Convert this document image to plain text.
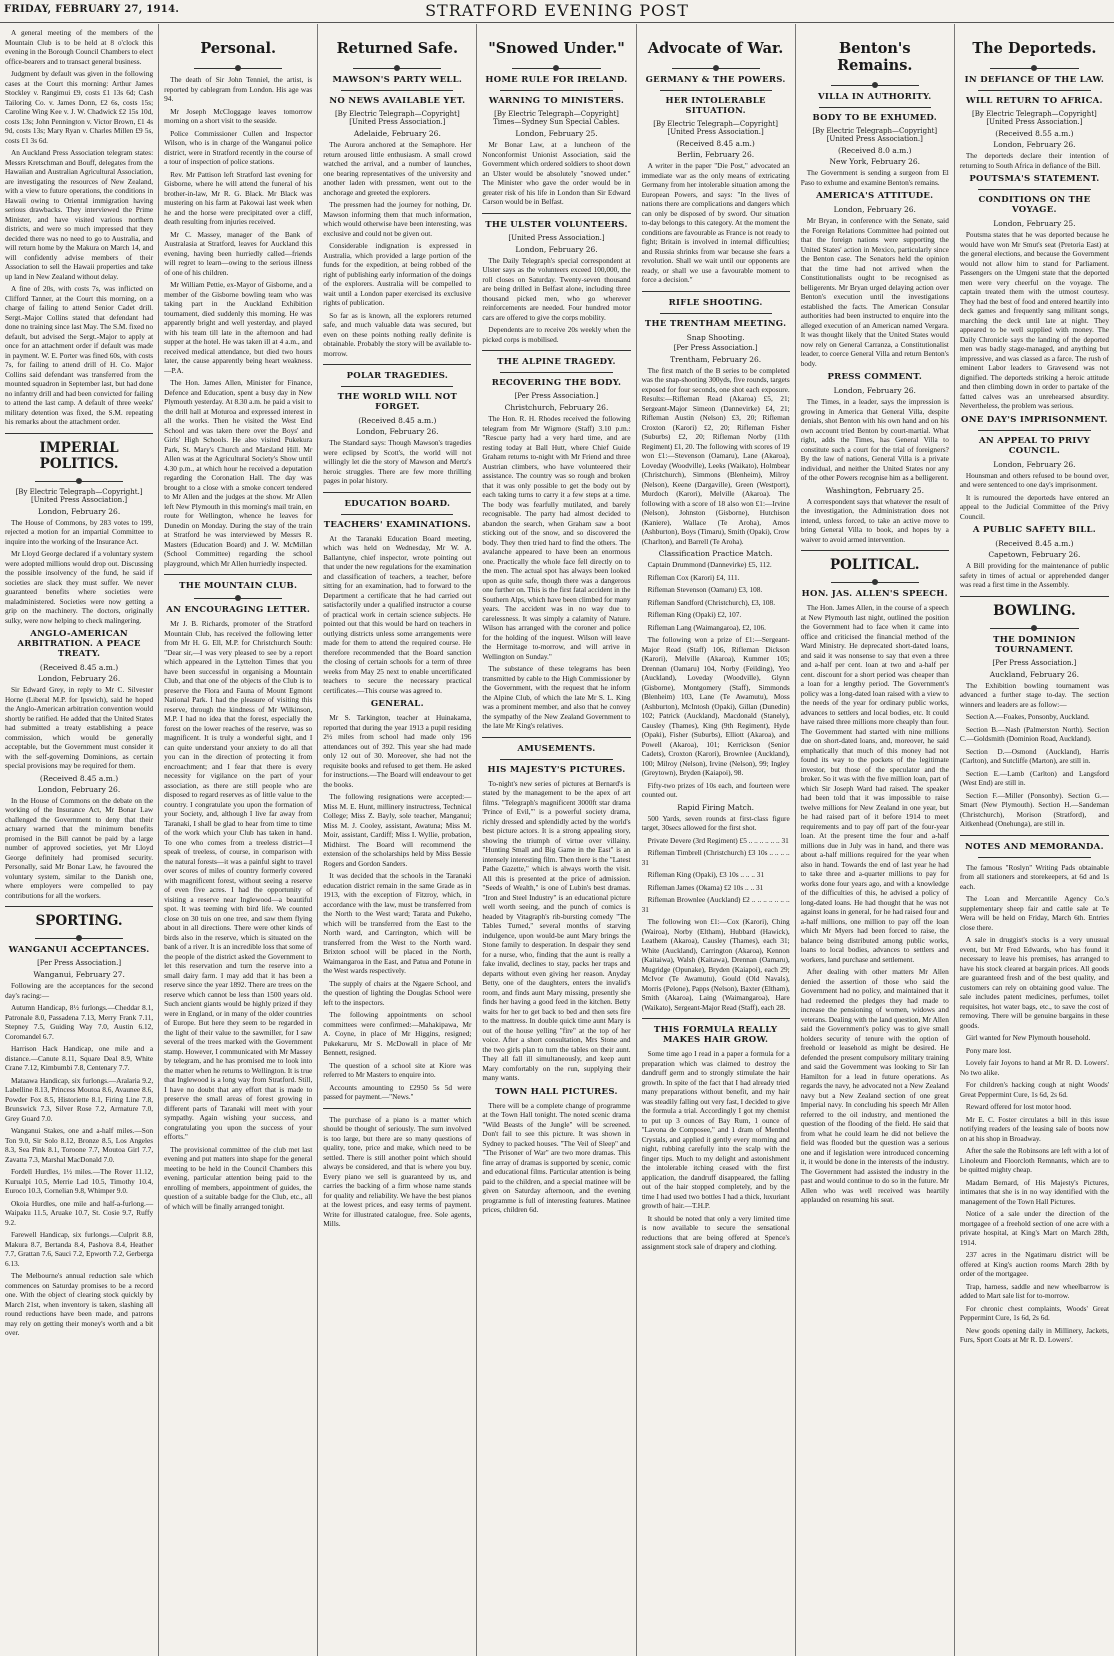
FRIDAY, FEBRUARY 27, 1914.	STRATFORD EVENING POST

A general meeting of the members of the Mountain Club is to be held at 8 o'clock this evening in the Borough Council Chambers to elect office-bearers and to transact general business.

Judgment by default was given in the following cases at the Court this morning: Arthur James Stockley v. Rangimui £9, costs £1 13s 6d; Cash Tailoring Co. v. James Donn, £2 6s, costs 15s; Caroline Wing Kee v. J. W. Chadwick £2 15s 10d, costs 13s; John Pennington v. Victor Brown, £1 4s 9d, costs 13s; Mary Ryan v. Charles Millen £9 5s, costs £1 3s 6d.

An Auckland Press Association telegram states: Messrs Kretschman and Bouff, delegates from the Hawaiian and Australian Agricultural Association, are investigating the resources of New Zealand, with a view to future operations, the conditions in Hawaii owing to Oriental immigration having serious drawbacks. They interviewed the Prime Minister, and have visited various northern districts, and were so much impressed that they decided there was no need to go to Australia, and will return home by the Makura on March 14, and will confidently advise members of their Association to sell the Hawaii properties and take up land in New Zealand without delay.

A fine of 20s, with costs 7s, was inflicted on Clifford Tanner, at the Court this morning, on a charge of failing to attend Senior Cadet drill. Sergt.-Major Collins stated that defendant had done no training since last May. The S.M. fixed no default, but advised the Sergt.-Major to apply at once for an attachment order if default was made in payment. W. E. Porter was fined 60s, with costs 7s, for failing to attend drill of H. Co. Major Collins said defendant was transferred from the mounted squadron in September last, but had done no infantry drill and had been convicted for failing to attend the last camp. A default of three weeks' military detention was fixed, the S.M. repeating his remarks about the attachment order.

IMPERIAL POLITICS.
[By Electric Telegraph—Copyright.] [United Press Association.]
London, February 26.

The House of Commons, by 283 votes to 199, rejected a motion for an impartial Committee to inquire into the working of the Insurance Act.

Mr Lloyd George declared if a voluntary system were adopted millions would drop out. Discussing the possible insolvency of the fund, he said if societies are slack they must suffer. We never guaranteed benefits where societies were maladministered. Societies were now getting a grip on the machinery. The doctors, originally sulky, were now helping to check malingering.

ANGLO-AMERICAN ARBITRATION. A PEACE TREATY.
(Received 8.45 a.m.)
London, February 26.

Sir Edward Grey, in reply to Mr C. Silvester Horne (Liberal M.P. for Ipswich), said he hoped the Anglo-American arbitration convention would shortly be ratified. He added that the United States had submitted a treaty establishing a peace commission, which would be generally acceptable, but the Government must consider it with the self-governing Dominions, as certain special provisions may be required for them.

(Received 8.45 a.m.)
London, February 26.

In the House of Commons on the debate on the working of the Insurance Act, Mr Bonar Law challenged the Government to deny that their actuary warned that the minimum benefits promised in the Bill cannot be paid by a large number of approved societies, yet Mr Lloyd George definitely had promised security. Personally, said Mr Bonar Law, he favoured the voluntary system, similar to the Danish one, where employers were compelled to pay contributions for all the workers.

SPORTING.
WANGANUI ACCEPTANCES.
[Per Press Association.]
Wanganui, February 27.

Following are the acceptances for the second day's racing:—

Autumn Handicap, 8½ furlongs.—Cheddar 8.1, Patronale 8.0, Passadena 7.13, Merry Frank 7.11, Stepney 7.5, Guiding Way 7.0, Austin 6.12, Coromandel 6.7.

Harrison Hack Handicap, one mile and a distance.—Canute 8.11, Square Deal 8.9, White Crane 7.12, Kimbumbi 7.8, Centenary 7.7.

Mataawa Handicap, six furlongs.—Aralaria 9.2, Labelline 8.13, Princess Moutoa 8.6, Avaunee 8.6, Powder Fox 8.5, Historiette 8.1, Firing Line 7.8, Brunswick 7.3, Silver Rose 7.2, Arrnature 7.0, Grey Guard 7.0.

Wanganui Stakes, one and a-half miles.—Son Ton 9.0, Sir Solo 8.12, Bronze 8.5, Los Angeles 8.3, Sea Pink 8.1, Toroone 7.7, Moutoa Girl 7.7, Zavatta 7.3, Marshal MacDonald 7.0.

Fordell Hurdles, 1½ miles.—The Rover 11.12, Kurualpi 10.5, Merrie Lad 10.5, Timothy 10.4, Euroco 10.3, Cornelian 9.8, Whimper 9.0.

Okoia Hurdles, one mile and half-a-furlong.—Waipaku 11.5, Aruake 10.7, St. Cosie 9.7, Ruffy 9.2.

Farewell Handicap, six furlongs.—Culprit 8.8, Makura 8.7, Bertanda 8.4, Pashova 8.4, Heather 7.7, Grattan 7.6, Sauci 7.2, Epworth 7.2, Gerberga 6.13.

The Melbourne's annual reduction sale which commences on Saturday promises to be a record one. With the object of clearing stock quickly by March 21st, when inventory is taken, slashing all round reductions have been made, and patrons may rely on getting their money's worth and a bit over.

Personal.

The death of Sir John Tenniel, the artist, is reported by cablegram from London. His age was 94.

Mr Joseph McCloggage leaves tomorrow morning on a short visit to the seaside.

Police Commissioner Cullen and Inspector Wilson, who is in charge of the Wanganui police district, were in Stratford recently in the course of a tour of inspection of police stations.

Rev. Mr Pattison left Stratford last evening for Gisborne, where he will attend the funeral of his brother-in-law, Mr R. G. Black. Mr Black was mustering on his farm at Pakowai last week when he and the horse were precipitated over a cliff, death resulting from injuries received.

Mr C. Massey, manager of the Bank of Australasia at Stratford, leaves for Auckland this evening, having been hurriedly called—friends will regret to learn—owing to the serious illness of one of his children.

Mr William Pettie, ex-Mayor of Gisborne, and a member of the Gisborne bowling team who was taking part in the Auckland Exhibition tournament, died suddenly this morning. He was apparently bright and well yesterday, and played with his team till late in the afternoon and had supper at the hotel. He was taken ill at 4 a.m., and received medical attendance, but died two hours later, the cause apparently being heart weakness.—P.A.

The Hon. James Allen, Minister for Finance, Defence and Education, spent a busy day in New Plymouth yesterday. At 8.30 a.m. he paid a visit to the drill hall at Moturoa and expressed interest in all the works. Then he visited the West End School and was taken there over the Boys' and Girls' High Schools. He also visited Pukekura Park, St. Mary's Church and Marsland Hill. Mr Allen was at the Agricultural Society's Show until 4.30 p.m., at which hour he received a deputation regarding the Coronation Hall. The day was brought to a close with a smoke concert tendered to Mr Allen and the judges at the show. Mr Allen left New Plymouth in this morning's mail train, en route for Wellington, whence he leaves for Dunedin on Monday. During the stay of the train at Stratford he was interviewed by Messrs R. Masters (Education Board) and J. W. McMillan (School Committee) regarding the school playground, which Mr Allen hurriedly inspected.

THE MOUNTAIN CLUB.
AN ENCOURAGING LETTER.

Mr J. B. Richards, promoter of the Stratford Mountain Club, has received the following letter from Mr H. G. Ell, M.P. for Christchurch South: "Dear sir,—I was very pleased to see by a report which appeared in the Lyttelton Times that you have been successful in organising a Mountain Club, and that one of the objects of the Club is to preserve the Flora and Fauna of Mount Egmont National Park. I had the pleasure of visiting this reserve, through the kindness of Mr Wilkinson, M.P. I had no idea that the forest, especially the forest on the lower reaches of the reserve, was so magnificent. It is truly a wonderful sight, and I can quite understand your anxiety to do all that you can in the direction of protecting it from encroachment; and I fear that there is every necessity for vigilance on the part of your association, as there are still people who are disposed to regard reserves as of little value to the country. I congratulate you upon the formation of your Society, and, although I live far away from Taranaki, I shall be glad to hear from time to time of the work which your Club has taken in hand. To one who comes from a treeless district—I speak of treeless, of course, in comparison with the natural forests—it was a painful sight to travel over scores of miles of country formerly covered with magnificent forest, without seeing a reserve of even five acres. I had the opportunity of visiting a reserve near Inglewood—a beautiful spot. It was teeming with bird life. We counted close on 30 tuis on one tree, and saw them flying about in all directions. There were other kinds of birds also in the reserve, which is situated on the bank of a river. It is an incredible loss that some of the people of the district asked the Government to let this reservation and turn the reserve into a small dairy farm. I may add that it has been a reserve since the year 1892. There are trees on the reserve which cannot be less than 1500 years old. Such ancient giants would be highly prized if they were in England, or in many of the older countries of Europe. But here they seem to be regarded in the light of their value to the sawmiller, for I saw several of the trees marked with the Government stamp. However, I communicated with Mr Massey by telegram, and he has promised me to look into the matter when he returns to Wellington. It is true that Inglewood is a long way from Stratford. Still, I have no doubt that any effort that is made to preserve the small areas of forest growing in different parts of Taranaki will meet with your sympathy. Again wishing your success, and congratulating you upon the success of your efforts."

The provisional committee of the club met last evening and put matters into shape for the general meeting to be held in the Council Chambers this evening, particular attention being paid to the enrolling of members, appointment of guides, the question of a suitable badge for the Club, etc., all of which will be finally arranged tonight.

Returned Safe.
MAWSON'S PARTY WELL.
NO NEWS AVAILABLE YET.
[By Electric Telegraph—Copyright] [United Press Association.]
Adelaide, February 26.

The Aurora anchored at the Semaphore. Her return aroused little enthusiasm. A small crowd watched the arrival, and a number of launches, one bearing representatives of the university and another laden with pressmen, went out to the anchorage and greeted the explorers.

The pressmen had the journey for nothing, Dr. Mawson informing them that much information, which would otherwise have been interesting, was exclusive and could not be given out.

Considerable indignation is expressed in Australia, which provided a large portion of the funds for the expedition, at being robbed of the right of publishing early information of the doings of the explorers. Australia will be compelled to wait until a London paper exercised its exclusive rights of publication.

So far as is known, all the explorers returned safe, and much valuable data was secured, but even on these points nothing really definite is obtainable. Probably the story will be available to-morrow.

POLAR TRAGEDIES.
THE WORLD WILL NOT FORGET.
(Received 8.45 a.m.)
London, February 26.

The Standard says: Though Mawson's tragedies were eclipsed by Scott's, the world will not willingly let die the story of Mawson and Mertz's heroic struggles. There are few more thrilling pages in polar history.

EDUCATION BOARD.
TEACHERS' EXAMINATIONS.

At the Taranaki Education Board meeting, which was held on Wednesday, Mr W. A. Ballantyne, chief inspector, wrote pointing out that under the new regulations for the examination and classification of teachers, a teacher, before sitting for an examination, had to forward to the Department a certificate that he had carried out satisfactorily under a qualified instructor a course of practical work in certain science subjects. He pointed out that this would be hard on teachers in outlying districts unless some arrangements were made for them to attend the required course. He therefore recommended that the Board sanction the closing of certain schools for a term of three weeks from May 25 next to enable uncertificated teachers to secure the necessary practical certificates.—This course was agreed to.

GENERAL.

Mr S. Tarkington, teacher at Huinakama, reported that during the year 1913 a pupil residing 2½ miles from school had made only 196 attendances out of 392. This year she had made only 12 out of 30. Moreover, she had not the requisite books and refused to get them. He asked for instructions.—The Board will endeavour to get the books.

The following resignations were accepted:—Miss M. E. Hunt, millinery instructress, Technical College; Miss Z. Bayly, sole teacher, Manganui; Miss M. J. Cooley, assistant, Awatuna; Miss M. Moir, assistant, Cardiff; Miss I. Wyllie, probation, Midhirst. The Board will recommend the extension of the scholarships held by Miss Bessie Rogers and Gordon Sanders.

It was decided that the schools in the Taranaki education district remain in the same Grade as in 1913, with the exception of Fitzroy, which, in accordance with the law, must be transferred from the North to the West ward; Tarata and Pukeho, which will be transferred from the East to the North ward, and Carrington, which will be transferred from the West to the North ward. Brixton school will be placed in the North, Waimangaroa in the East, and Patua and Potune in the West wards respectively.

The supply of chairs at the Ngaere School, and the question of lighting the Douglas School were left to the inspectors.

The following appointments on school committees were confirmed:—Mahakipawa, Mr A. Coyne, in place of Mr Higgins, resigned; Pukekaruru, Mr S. McDowall in place of Mr Bennett, resigned.

The question of a school site at Kiore was referred to Mr Masters to enquire into.

Accounts amounting to £2950 5s 5d were passed for payment.—"News."

The purchase of a piano is a matter which should be thought of seriously. The sum involved is too large, but there are so many questions of quality, tone, price and make, which need to be settled. There is still another point which should always be considered, and that is where you buy. Every piano we sell is guaranteed by us, and carries the backing of a firm whose name stands for quality and reliability. We have the best pianos at the lowest prices, and easy terms of payment. Write for illustrated catalogue, free. Sole agents, Mills.

"Snowed Under."
HOME RULE FOR IRELAND.
WARNING TO MINISTERS.
[By Electric Telegraph—Copyright] Times—Sydney Sun Special Cables.
London, February 25.

Mr Bonar Law, at a luncheon of the Nonconformist Unionist Association, said the Government which ordered soldiers to shoot down an Ulster would be absolutely "snowed under." The Minister who gave the order would be in greater risk of his life in London than Sir Edward Carson would be in Belfast.

THE ULSTER VOLUNTEERS.
[United Press Association.]
London, February 26.

The Daily Telegraph's special correspondent at Ulster says as the volunteers exceed 100,000, the roll closes on Saturday. Twenty-seven thousand are being drilled in Belfast alone, including three thousand picked men, who go wherever reinforcements are needed. Four hundred motor cars are offered to give the corps mobility.

Dependents are to receive 20s weekly when the picked corps is mobilised.

THE ALPINE TRAGEDY.
RECOVERING THE BODY.
[Per Press Association.]
Christchurch, February 26.

The Hon. R. H. Rhodes received the following telegram from Mr Wigmore (Staff) 3.10 p.m.: "Rescue party had a very hard time, and are resting today at Ball Hutt, where Chief Guide Graham returns to-night with Mr Friend and three Austrian climbers, who have volunteered their assistance. The country was so rough and broken that it was only possible to get the body out by each taking turns to carry it a few steps at a time. The body was fearfully mutilated, and barely recognisable. The party had almost decided to abandon the search, when Graham saw a boot sticking out of the snow, and so discovered the body. They then tried hard to find the others. The avalanche appeared to have been an enormous one. Practically the whole face fell directly on to the men. The actual spot has always been looked upon as quite safe, though there was a dangerous one further on. This is the first fatal accident in the Southern Alps, which have been climbed for many years. The accident was in no way due to carelessness. It was simply a calamity of Nature. Wilson has arranged with the coroner and police for the holding of the inquest. Wilson will leave the Hermitage to-morrow, and will arrive in Wellington on Sunday."

The substance of these telegrams has been transmitted by cable to the High Commissioner by the Government, with the request that he inform the Alpine Club, of which the late Mr S. L. King was a prominent member, and also that he convey the sympathy of the New Zealand Government to the late Mr King's relatives.

AMUSEMENTS.
HIS MAJESTY'S PICTURES.

To-night's new series of pictures at Bernard's is stated by the management to be the apex of art films. "Telegraph's magnificent 3000ft star drama 'Prince of Evil,'" is a powerful society drama, richly dressed and splendidly acted by the world's best picture actors. It is a strong appealing story, showing the triumph of virtue over villainy. "Hunting Small and Big Game in the East" is an intensely interesting film. Then there is the "Latest Pathe Gazette," which is always worth the visit. All this is presented at the price of admission. "Seeds of Wealth," is one of Lubin's best dramas. "Iron and Steel Industry" is an educational picture well worth seeing, and the punch of comics is headed by Vitagraph's rib-bursting comedy "The Tables Turned," several months of starving indulgence, upon would-be aunt Mary brings the Stone family to desperation. In despair they send for a nurse, who, finding that the aunt is really a fake invalid, declines to stay, packs her traps and departs without even giving her reason. Anyday Betty, one of the daughters, enters the invalid's room, and finds aunt Mary missing, presently she finds her having a good feed in the kitchen. Betty waits for her to get back to bed and then sets fire to the mattress. In double quick time aunt Mary is out of the house yelling "fire" at the top of her voice. After a short consultation, Mrs Stone and the two girls plan to turn the tables on their aunt. They all fall ill simultaneously, and keep aunt Mary comfortably on the run, supplying their many wants.

TOWN HALL PICTURES.

There will be a complete change of programme at the Town Hall tonight. The noted scenic drama "Wild Beasts of the Jungle" will be screened. Don't fail to see this picture. It was shown in Sydney to packed houses. "The Veil of Sleep" and "The Prisoner of War" are two more dramas. This fine array of dramas is supported by scenic, comic and educational films. Particular attention is being paid to the children, and a special matinee will be given on Saturday afternoon, and the evening programme is full of interesting features. Matinee prices, children 6d.

Advocate of War.
GERMANY & THE POWERS.
HER INTOLERABLE SITUATION.
[By Electric Telegraph—Copyright] [United Press Association.]
(Received 8.45 a.m.)
Berlin, February 26.

A writer in the paper "Die Post," advocated an immediate war as the only means of extricating Germany from her intolerable situation among the European Powers, and says: "In the lives of nations there are complications and dangers which can only be disposed of by sword. Our situation to-day belongs to this category. At the moment the conditions are favourable as France is not ready to fight; Britain is involved in internal difficulties; and Russia shrinks from war because she fears a revolution. Shall we wait until our opponents are ready, or shall we use a favourable moment to force a decision."

RIFLE SHOOTING.
THE TRENTHAM MEETING.
Snap Shooting.
[Per Press Association.]
Trentham, February 26.

The first match of the B series to be completed was the snap-shooting 300yds, five rounds, targets exposed for four seconds, one shot each exposure. Results:—Rifleman Read (Akaroa) £5, 21; Sergeant-Major Simeon (Dannevirke) £4, 21; Rifleman Austin (Nelson) £3, 20; Rifleman Croxton (Karori) £2, 20; Rifleman Fisher (Suburbs) £2, 20; Rifleman Norby (11th Regiment) £1, 20. The following with scores of 19 won £1:—Stevenson (Oamaru), Lane (Akaroa), Loveday (Woodville), Leeks (Waikato), Holmbear (Christchurch), Simmons (Blenheim), Milroy (Nelson), Keene (Dargaville), Green (Westport), Murdoch (Karori), Melville (Akaroa). The following with a score of 18 also won £1:—Irvine (Nelson), Johnston (Gisborne), Hutchison (Kaniere), Wallace (Te Aroha), Amos (Ashburton), Boys (Timaru), Smith (Opaki), Crow (Charlton), and Barrell (Te Aroha).

Classification Practice Match.

Captain Drummond (Dannevirke) £5, 112.

Rifleman Cox (Karori) £4, 111.

Rifleman Stevenson (Oamaru) £3, 108.

Rifleman Sandford (Christchurch), £3, 108.

Rifleman King (Opaki) £2, 107.

Rifleman Lang (Waimangaroa), £2, 106.

The following won a prize of £1:—Sergeant-Major Read (Staff) 106, Rifleman Dickson (Karori), Melville (Akaroa), Kummer 105; Drennan (Oamaru) 104, Norby (Feilding), Yeo (Auckland), Loveday (Woodville), Glynn (Gisborne), Montgomery (Staff), Simmonds (Blenheim) 103, Lane (Te Awamutu), Moss (Ashburton), McIntosh (Opaki), Gillan (Dunedin) 102; Patrick (Auckland), Macdonald (Stanely), Causley (Thames), King (9th Regiment), Hyde (Opaki), Fisher (Suburbs), Elliott (Akaroa), and Powell (Akaroa), 101; Kerrickson (Senior Cadets), Croxton (Karori), Brownlee (Auckland), 100; Milroy (Nelson), Irvine (Nelson), 99; Ingley (Greytown), Bryden (Kaiapoi), 98.

Fifty-two prizes of 10s each, and fourteen were counted out.

Rapid Firing Match.

500 Yards, seven rounds at first-class figure target, 30secs allowed for the first shot.

Private Devere (3rd Regiment) £5 .. .. .. .. .. .. 31

Rifleman Timbrell (Christchurch) £3 10s .. .. .. .. 31

Rifleman King (Opaki), £3 10s .. .. .. 31

Rifleman James (Okama) £2 10s .. .. 31

Rifleman Brownlee (Auckland) £2 .. .. .. .. .. .. .. 31

The following won £1:—Cox (Karori), Ching (Wairoa), Norby (Eltham), Hubbard (Hawick), Leathem (Akaroa), Causley (Thames), each 31; White (Auckland), Carrington (Akaroa), Kennon (Kaitaiwa), Walsh (Kaitawa), Drennan (Oamaru), Mugridge (Opunake), Bryden (Kaiapoi), each 29; McIvor (Te Awamutu), Gould (Old Navals), Morris (Pelone), Papps (Nelson), Baxter (Eltham), Smith (Akaroa), Laing (Waimangaroa), Hare (Waikato), Sergeant-Major Read (Staff), each 28.

THIS FORMULA REALLY MAKES HAIR GROW.

Some time ago I read in a paper a formula for a preparation which was claimed to destroy the dandruff germ and to strongly stimulate the hair growth. In spite of the fact that I had already tried many preparations without benefit, and my hair was steadily falling out very fast, I decided to give the formula a trial. Accordingly I got my chemist to put up 3 ounces of Bay Rum, 1 ounce of "Lavona de Composee," and 1 dram of Menthol Crystals, and applied it gently every morning and night, rubbing carefully into the scalp with the finger tips. Much to my delight and astonishment the intolerable itching ceased with the first application, the dandruff disappeared, the falling out of the hair stopped completely, and by the time I had used two bottles I had a thick, luxuriant growth of hair.—T.H.P.

It should be noted that only a very limited time is now available to secure the sensational reductions that are being offered at Spence's assignment stock sale of drapery and clothing.

Benton's Remains.
VILLA IN AUTHORITY.
BODY TO BE EXHUMED.
[By Electric Telegraph—Copyright] [United Press Association.]
(Received 8.0 a.m.)
New York, February 26.

The Government is sending a surgeon from El Paso to exhume and examine Benton's remains.

AMERICA'S ATTITUDE.
London, February 26.

Mr Bryan, in conference with the Senate, said the Foreign Relations Committee had pointed out that the foreign nations were supporting the United States' action in Mexico, particularly since the Benton case. The Senators held the opinion that the time had not arrived when the Constitutionalists ought to be recognised as belligerents. Mr Bryan urged delaying action over Benton's execution until the investigations established the facts. The American Consular authorities had been instructed to enquire into the alleged execution of an American named Vergara. It was thought likely that the United States would now rely on General Carranza, a Constitutionalist leader, to coerce General Villa and return Benton's body.

PRESS COMMENT.
London, February 26.

The Times, in a leader, says the impression is growing in America that General Villa, despite denials, shot Benton with his own hand and on his own account tried Benton by court-martial. What right, adds the Times, has General Villa to constitute such a court for the trial of foreigners? By the law of nations, General Villa is a private individual, and neither the United States nor any of the other Powers recognise him as a belligerent.

Washington, February 25.

A correspondent says that whatever the result of the investigation, the Administration does not intend, unless forced, to take an active move to bring General Villa to book, and hopes by a waiver to avoid armed intervention.

POLITICAL.
HON. JAS. ALLEN'S SPEECH.

The Hon. James Allen, in the course of a speech at New Plymouth last night, outlined the position the Government had to face when it came into office and criticised the financial method of the Ward Ministry. He deprecated short-dated loans, and said it was nonsense to say that even a three and a-half per cent. loan at two and a-half per cent. discount for a short period was cheaper than a loan for a lengthy period. The Government's policy was a long-dated loan raised with a view to the needs of the year for ordinary public works, advances to settlers and local bodies, etc. It could have raised three millions more cheaply than four. The Government had started with nine millions due on short-dated loans, and, moreover, he said emphatically that much of this money had not found its way to the pockets of the legitimate investor, but those of the speculator and the broker. So it was with the five million loan, part of which Sir Joseph Ward had raised. The speaker had been told that it was impossible to raise twelve millions for New Zealand in one year, but he had raised part of it before 1914 to meet requirements and to pay off part of the four-year loan. At the present time the four and a-half millions due in July was in hand, and there was about a-half millions required for the year when also in hand. Towards the end of last year he had to take three and a-quarter millions to pay for works done four years ago, and with a knowledge of the difficulties of this, he advised a policy of long-dated loans. He had thought that he was not against loans in general, for he had raised four and a-half millions, one million to pay off the loan which Mr Myers had been forced to raise, the balance being distributed among public works, loans to local bodies, advances to settlers and workers, land purchase and settlement.

After dealing with other matters Mr Allen denied the assertion of those who said the Government had no policy, and maintained that it had redeemed the pledges they had made to increase the pensioning of women, widows and veterans. Dealing with the land question, Mr Allen said the Government's policy was to give small holders security of tenure with the option of freehold or leasehold as might be desired. He defended the present compulsory military training and said the Government was looking to Sir Ian Hamilton for a lead in future operations. As regards the navy, he advocated not a New Zealand navy but a New Zealand section of one great Imperial navy. In concluding his speech Mr Allen referred to the oil industry, and mentioned the question of the flooding of the field. He said that from what he could learn he did not believe the field was flooded but the question was a serious one and if legislation were introduced concerning it, it would be done in the interests of the industry. The Government had assisted the industry in the past and would continue to do so in the future. Mr Allen who was well received was heartily applauded on resuming his seat.

The Deporteds.
IN DEFIANCE OF THE LAW.
WILL RETURN TO AFRICA.
[By Electric Telegraph—Copyright] [United Press Association.]
(Received 8.55 a.m.)
London, February 26.

The deporteds declare their intention of returning to South Africa in defiance of the Bill.

POUTSMA'S STATEMENT.
CONDITIONS ON THE VOYAGE.
London, February 25.

Poutsma states that he was deported because he would have won Mr Smut's seat (Pretoria East) at the general elections, and because the Government would not allow him to stand for Parliament. Passengers on the Umgeni state that the deported men were very cheerful on the voyage. The captain treated them with the utmost courtesy. They had the best of food and entered heartily into deck games and frequently sang militant songs, marching the deck until late at night. They appeared to be well supplied with money. The Daily Chronicle says the landing of the deported men was badly stage-managed, and anything but impressive, and was classed as a farce. The rush of eminent Labor leaders to Gravesend was not dignified. The deporteds striking a heroic attitude and then climbing down in order to partake of the fatted calves was an unrehearsed absurdity. Nevertheless, the problem was serious.

ONE DAY'S IMPRISONMENT.
AN APPEAL TO PRIVY COUNCIL.
London, February 26.

Hounsman and others refused to be bound over, and were sentenced to one day's imprisonment.

It is rumoured the deporteds have entered an appeal to the Judicial Committee of the Privy Council.

A PUBLIC SAFETY BILL.
(Received 8.45 a.m.)
Capetown, February 26.

A Bill providing for the maintenance of public safety in times of actual or apprehended danger was read a first time in the Assembly.

BOWLING.
THE DOMINION TOURNAMENT.
[Per Press Association.]
Auckland, February 26.

The Exhibition bowling tournament was advanced a further stage to-day. The section winners and leaders are as follow:—

Section A.—Foakes, Ponsonby, Auckland.

Section B.—Nash (Palmerston North). Section C.—Goldsmith (Dominion Road, Auckland).

Section D.—Osmond (Auckland), Harris (Carlton), and Sutcliffe (Marton), are still in.

Section E.—Lamb (Carlton) and Langsford (West End) are still in.

Section F.—Miller (Ponsonby). Section G.—Smart (New Plymouth). Section H.—Sandeman (Christchurch), Morison (Stratford), and Aitkenhead (Onehunga), are still in.

NOTES AND MEMORANDA.

The famous "Roslyn" Writing Pads obtainable from all stationers and storekeepers, at 6d and 1s each.

The Loan and Mercantile Agency Co.'s supplementary sheep fair and cattle sale at Te Wera will be held on Friday, March 6th. Entries close there.

A sale in druggist's stocks is a very unusual event, but Mr Fred Edwards, who has found it necessary to leave his premises, has arranged to have his stock cleared at bargain prices. All goods are guaranteed fresh and of the best quality, and customers can rely on obtaining good value. The sale includes patent medicines, perfumes, toilet requisites, hot water bags, etc., to save the cost of removing. There will be genuine bargains in these goods.

Girl wanted for New Plymouth household.

Pony mare lost.

Lovely fair Joyons to hand at Mr R. D. Lowers'. No two alike.

For children's hacking cough at night Woods' Great Peppermint Cure, 1s 6d, 2s 6d.

Reward offered for lost motor hood.

Mr E. C. Foster circulates a bill in this issue notifying readers of the leasing sale of boots now on at his shop in Broadway.

After the sale the Robinsons are left with a lot of Linoleum and Floorcloth Remnants, which are to be quitted mighty cheap.

Madam Bernard, of His Majesty's Pictures, intimates that she is in no way identified with the management of the Town Hall Pictures.

Notice of a sale under the direction of the mortgagee of a freehold section of one acre with a private hospital, at King's Mart on March 28th, 1914.

237 acres in the Ngatimaru district will be offered at King's auction rooms March 28th by order of the mortgagee.

Trap, harness, saddle and new wheelbarrow is added to Mart sale list for to-morrow.

For chronic chest complaints, Woods' Great Peppermint Cure, 1s 6d, 2s 6d.

New goods opening daily in Millinery, Jackets, Furs, Sport Coats at Mr R. D. Lowers'.
